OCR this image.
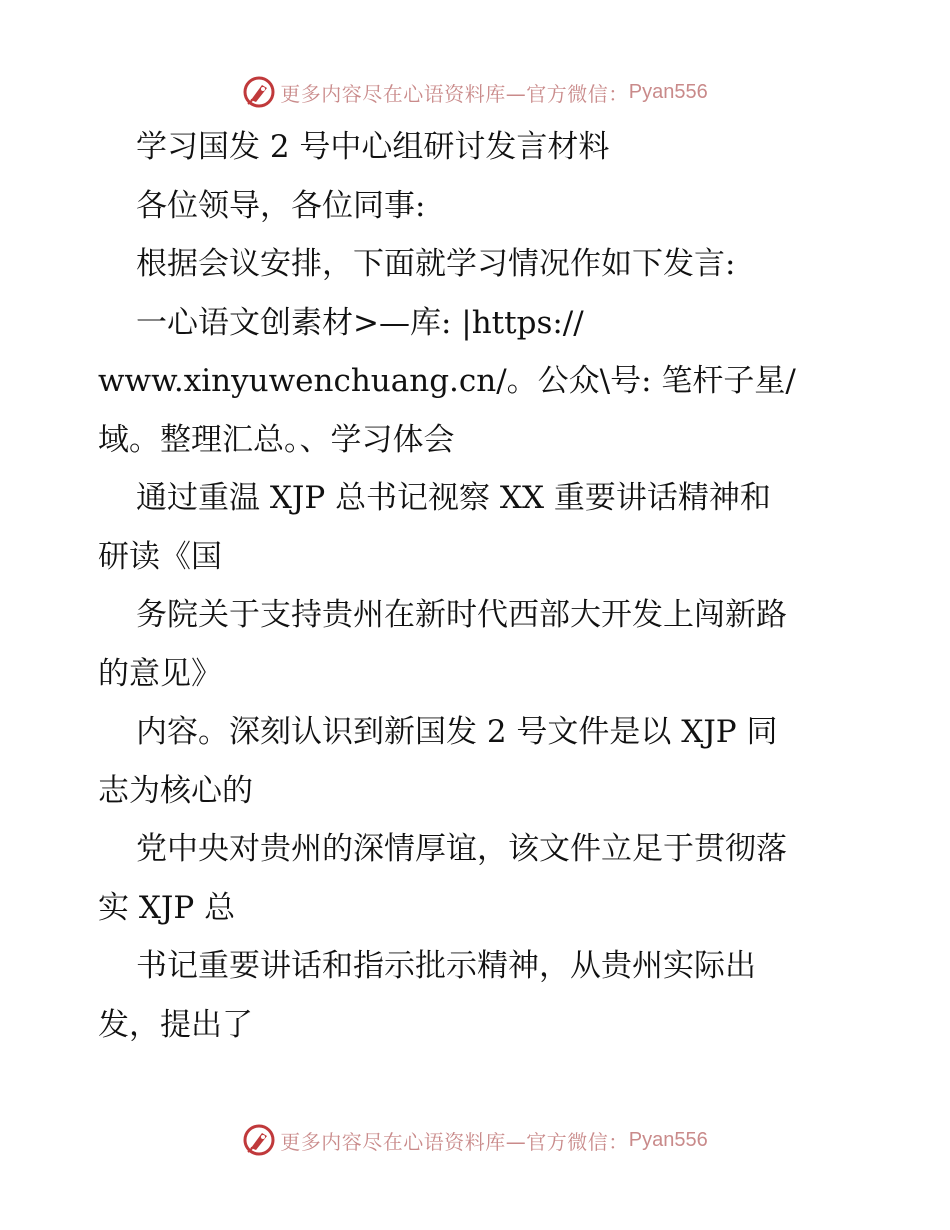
更多内容尽在心语资料库—官方微信： Pyan556
学习国发 2 号中心组研讨发言材料
各位领导，各位同事:
根据会议安排，下面就学习情况作如下发言:
一心语文创素材>—库: |https://
www.xinyuwenchuang.cn/。公众\号: 笔杆子星/
域。整理汇总。、学习体会
通过重温 XJP 总书记视察 XX 重要讲话精神和
研读《国
务院关于支持贵州在新时代西部大开发上闯新路
的意见》
内容。深刻认识到新国发 2 号文件是以 XJP 同
志为核心的
党中央对贵州的深情厚谊，该文件立足于贯彻落
实 XJP 总
书记重要讲话和指示批示精神，从贵州实际出
发，提出了
更多内容尽在心语资料库—官方微信： Pyan556
